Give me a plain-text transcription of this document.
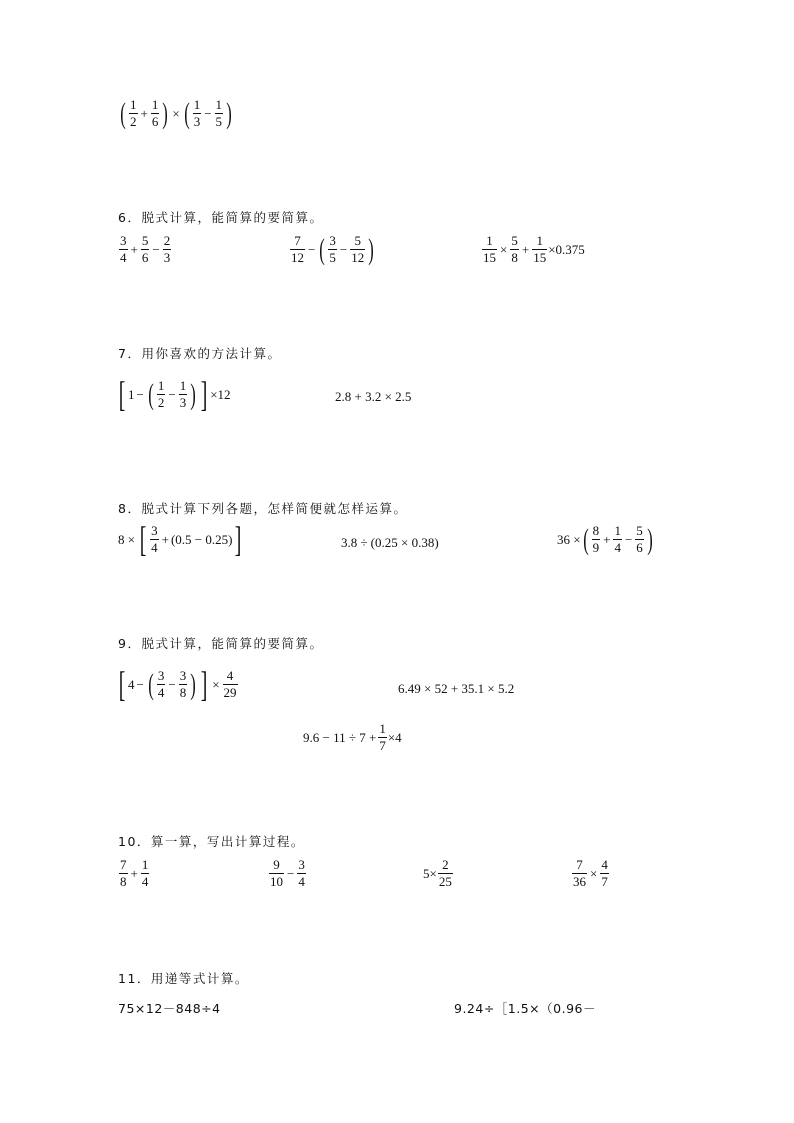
( $\frac{1}{2} + \frac{1}{6}$ ) × ( $\frac{1}{3} - \frac{1}{5}$ )
6．脱式计算，能简算的要简算。
$\frac{3}{4} + \frac{5}{6} - \frac{2}{3}$	$\frac{7}{12}$ − ( $\frac{3}{5} - \frac{5}{12}$ )	$\frac{1}{15} \times \frac{5}{8} + \frac{1}{15} \times 0.375$
7．用你喜欢的方法计算。
[ 1 − ( $\frac{1}{2} - \frac{1}{3}$ ) ] ×12	2.8 + 3.2 × 2.5
8．脱式计算下列各题，怎样简便就怎样运算。
8 × [ $\frac{3}{4}$ + ( 0.5 − 0.25 ) ]	3.8 ÷ ( 0.25 × 0.38 )	36 × ( $\frac{8}{9} + \frac{1}{4} - \frac{5}{6}$ )
9．脱式计算，能简算的要简算。
[ 4 − ( $\frac{3}{4} - \frac{3}{8}$ ) ] × $\frac{4}{29}$	6.49 × 52 + 35.1 × 5.2
$9.6 - 11 \div 7 + \frac{1}{7} \times 4$
10．算一算，写出计算过程。
$\frac{7}{8} + \frac{1}{4}$	$\frac{9}{10} - \frac{3}{4}$	$5\times \frac{2}{25}$	$\frac{7}{36} \times \frac{4}{7}$
11．用递等式计算。
75×12－848÷4	9.24÷［1.5×（0.96－
